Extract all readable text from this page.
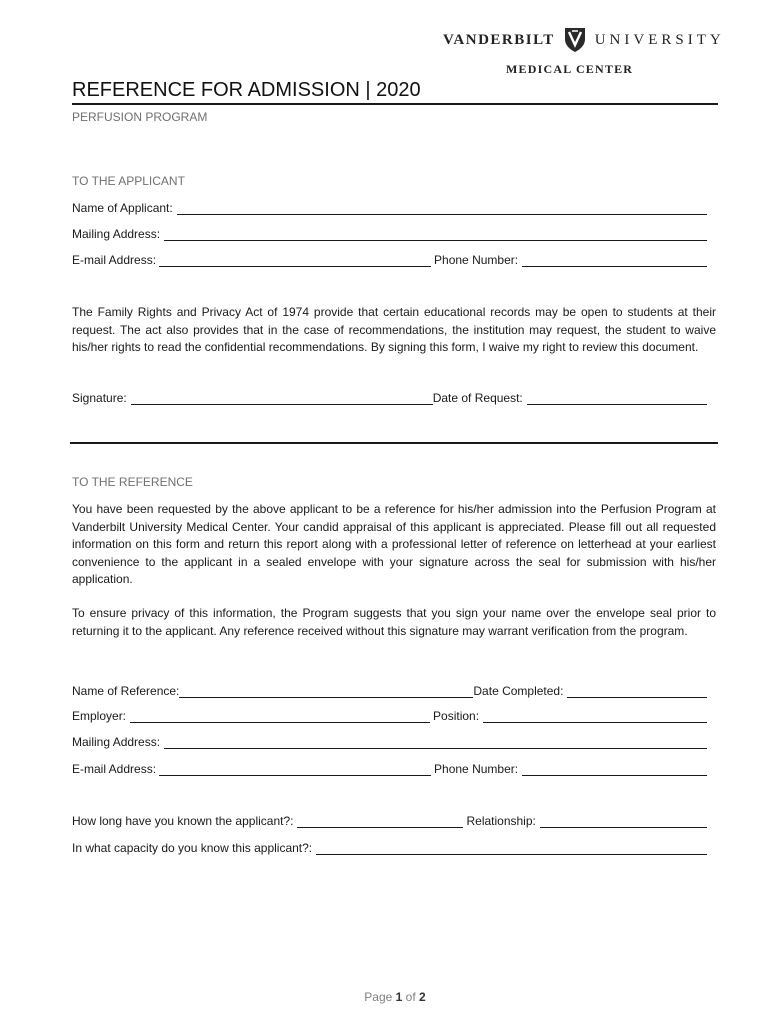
VANDERBILT	UNIVERSITY
MEDICAL CENTER
REFERENCE FOR ADMISSION | 2020
PERFUSION PROGRAM
TO THE APPLICANT
Name of Applicant:
Mailing Address:
E-mail Address:	Phone Number:
The Family Rights and Privacy Act of 1974 provide that certain educational records may be open to students at their request. The act also provides that in the case of recommendations, the institution may request, the student to waive his/her rights to read the confidential recommendations. By signing this form, I waive my right to review this document.
Signature:	Date of Request:
TO THE REFERENCE
You have been requested by the above applicant to be a reference for his/her admission into the Perfusion Program at Vanderbilt University Medical Center. Your candid appraisal of this applicant is appreciated. Please fill out all requested information on this form and return this report along with a professional letter of reference on letterhead at your earliest convenience to the applicant in a sealed envelope with your signature across the seal for submission with his/her application.
To ensure privacy of this information, the Program suggests that you sign your name over the envelope seal prior to returning it to the applicant. Any reference received without this signature may warrant verification from the program.
Name of Reference:	Date Completed:
Employer:	Position:
Mailing Address:
E-mail Address:	Phone Number:
How long have you known the applicant?:	Relationship:
In what capacity do you know this applicant?:
Page 1 of 2
